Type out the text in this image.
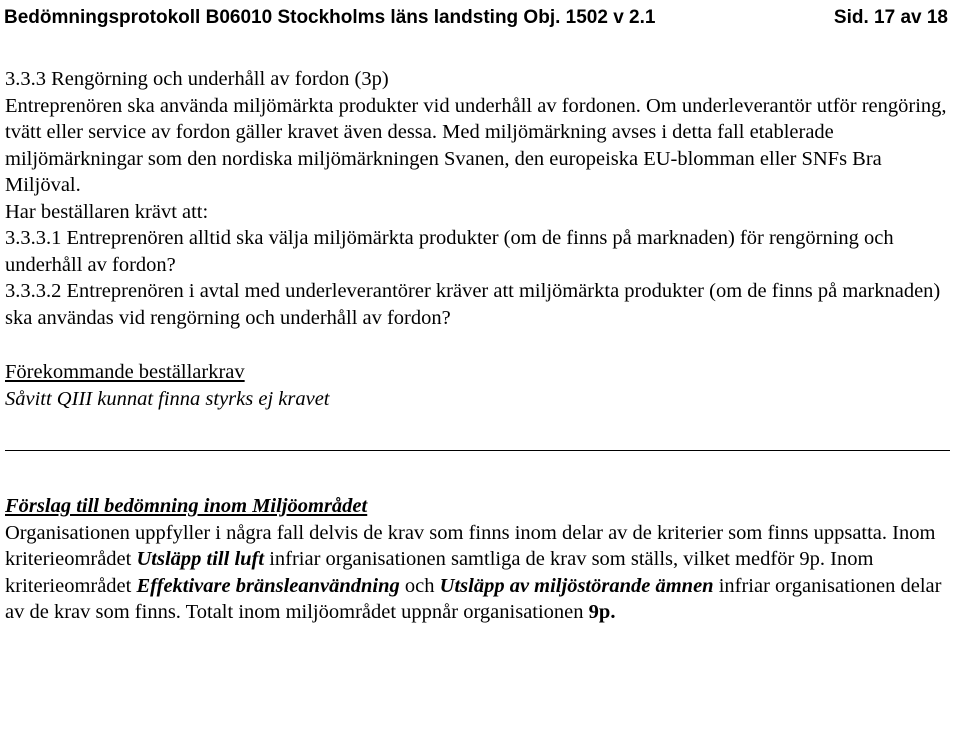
Bedömningsprotokoll B06010 Stockholms läns landsting Obj. 1502 v 2.1	Sid. 17 av 18

3.3.3 Rengörning och underhåll av fordon (3p)

Entreprenören ska använda miljömärkta produkter vid underhåll av fordonen. Om underleverantör utför rengöring, tvätt eller service av fordon gäller kravet även dessa. Med miljömärkning avses i detta fall etablerade miljömärkningar som den nordiska miljömärkningen Svanen, den europeiska EU-blomman eller SNFs Bra Miljöval.

Har beställaren krävt att:

3.3.3.1 Entreprenören alltid ska välja miljömärkta produkter (om de finns på marknaden) för rengörning och underhåll av fordon?

3.3.3.2 Entreprenören i avtal med underleverantörer kräver att miljömärkta produkter (om de finns på marknaden) ska användas vid rengörning och underhåll av fordon?

Förekommande beställarkrav

Såvitt QIII kunnat finna styrks ej kravet

Förslag till bedömning inom Miljöområdet

Organisationen uppfyller i några fall delvis de krav som finns inom delar av de kriterier som finns uppsatta. Inom kriterieområdet Utsläpp till luft infriar organisationen samtliga de krav som ställs, vilket medför 9p. Inom kriterieområdet Effektivare bränsleanvändning och Utsläpp av miljöstörande ämnen infriar organisationen delar av de krav som finns. Totalt inom miljöområdet uppnår organisationen 9p.
